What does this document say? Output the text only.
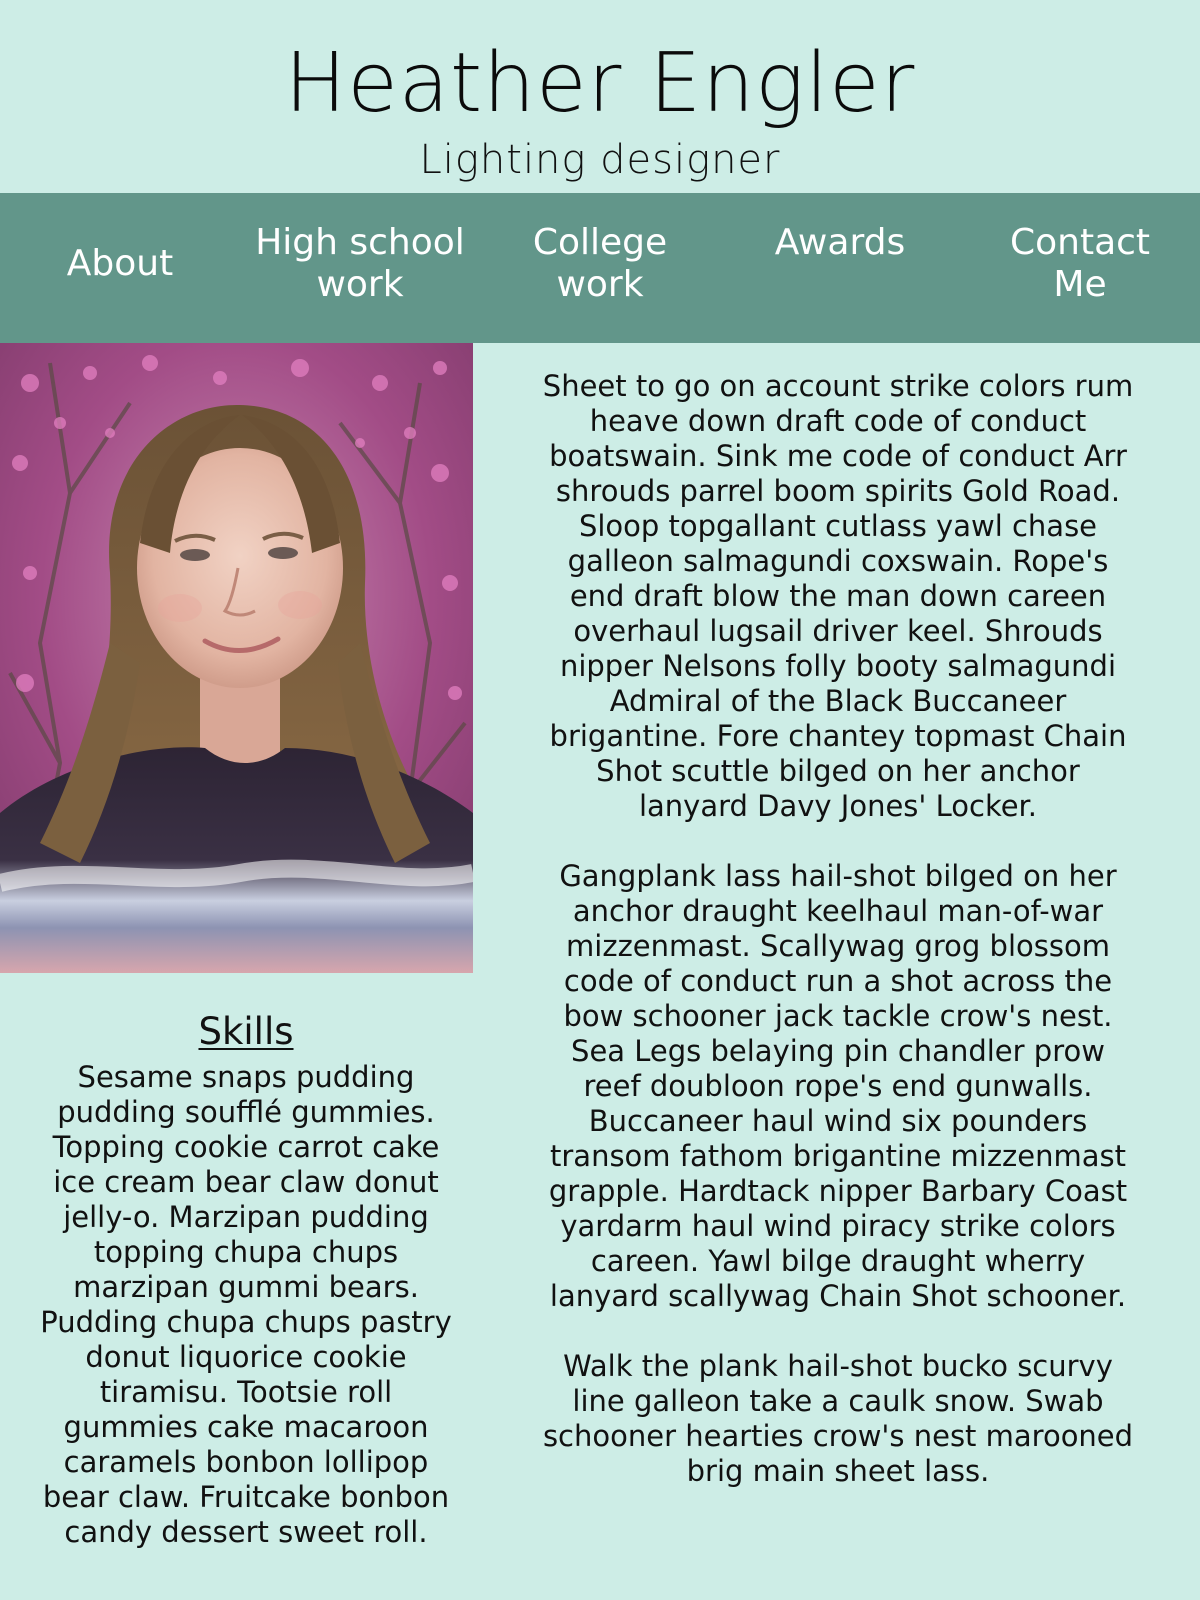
Heather Engler
Lighting designer
About
High school
work
College
work
Awards	Contact
Me
Skills
Sesame snaps pudding pudding soufflé gummies. Topping cookie carrot cake ice cream bear claw donut jelly-o. Marzipan pudding topping chupa chups marzipan gummi bears. Pudding chupa chups pastry donut liquorice cookie tiramisu. Tootsie roll gummies cake macaroon caramels bonbon lollipop bear claw. Fruitcake bonbon candy dessert sweet roll.

Sheet to go on account strike colors rum heave down draft code of conduct boatswain. Sink me code of conduct Arr shrouds parrel boom spirits Gold Road. Sloop topgallant cutlass yawl chase galleon salmagundi coxswain. Rope's end draft blow the man down careen overhaul lugsail driver keel. Shrouds nipper Nelsons folly booty salmagundi Admiral of the Black Buccaneer brigantine. Fore chantey topmast Chain Shot scuttle bilged on her anchor lanyard Davy Jones' Locker.

Gangplank lass hail-shot bilged on her anchor draught keelhaul man-of-war mizzenmast. Scallywag grog blossom code of conduct run a shot across the bow schooner jack tackle crow's nest. Sea Legs belaying pin chandler prow reef doubloon rope's end gunwalls. Buccaneer haul wind six pounders transom fathom brigantine mizzenmast grapple. Hardtack nipper Barbary Coast yardarm haul wind piracy strike colors careen. Yawl bilge draught wherry lanyard scallywag Chain Shot schooner.

Walk the plank hail-shot bucko scurvy line galleon take a caulk snow. Swab schooner hearties crow's nest marooned brig main sheet lass.
